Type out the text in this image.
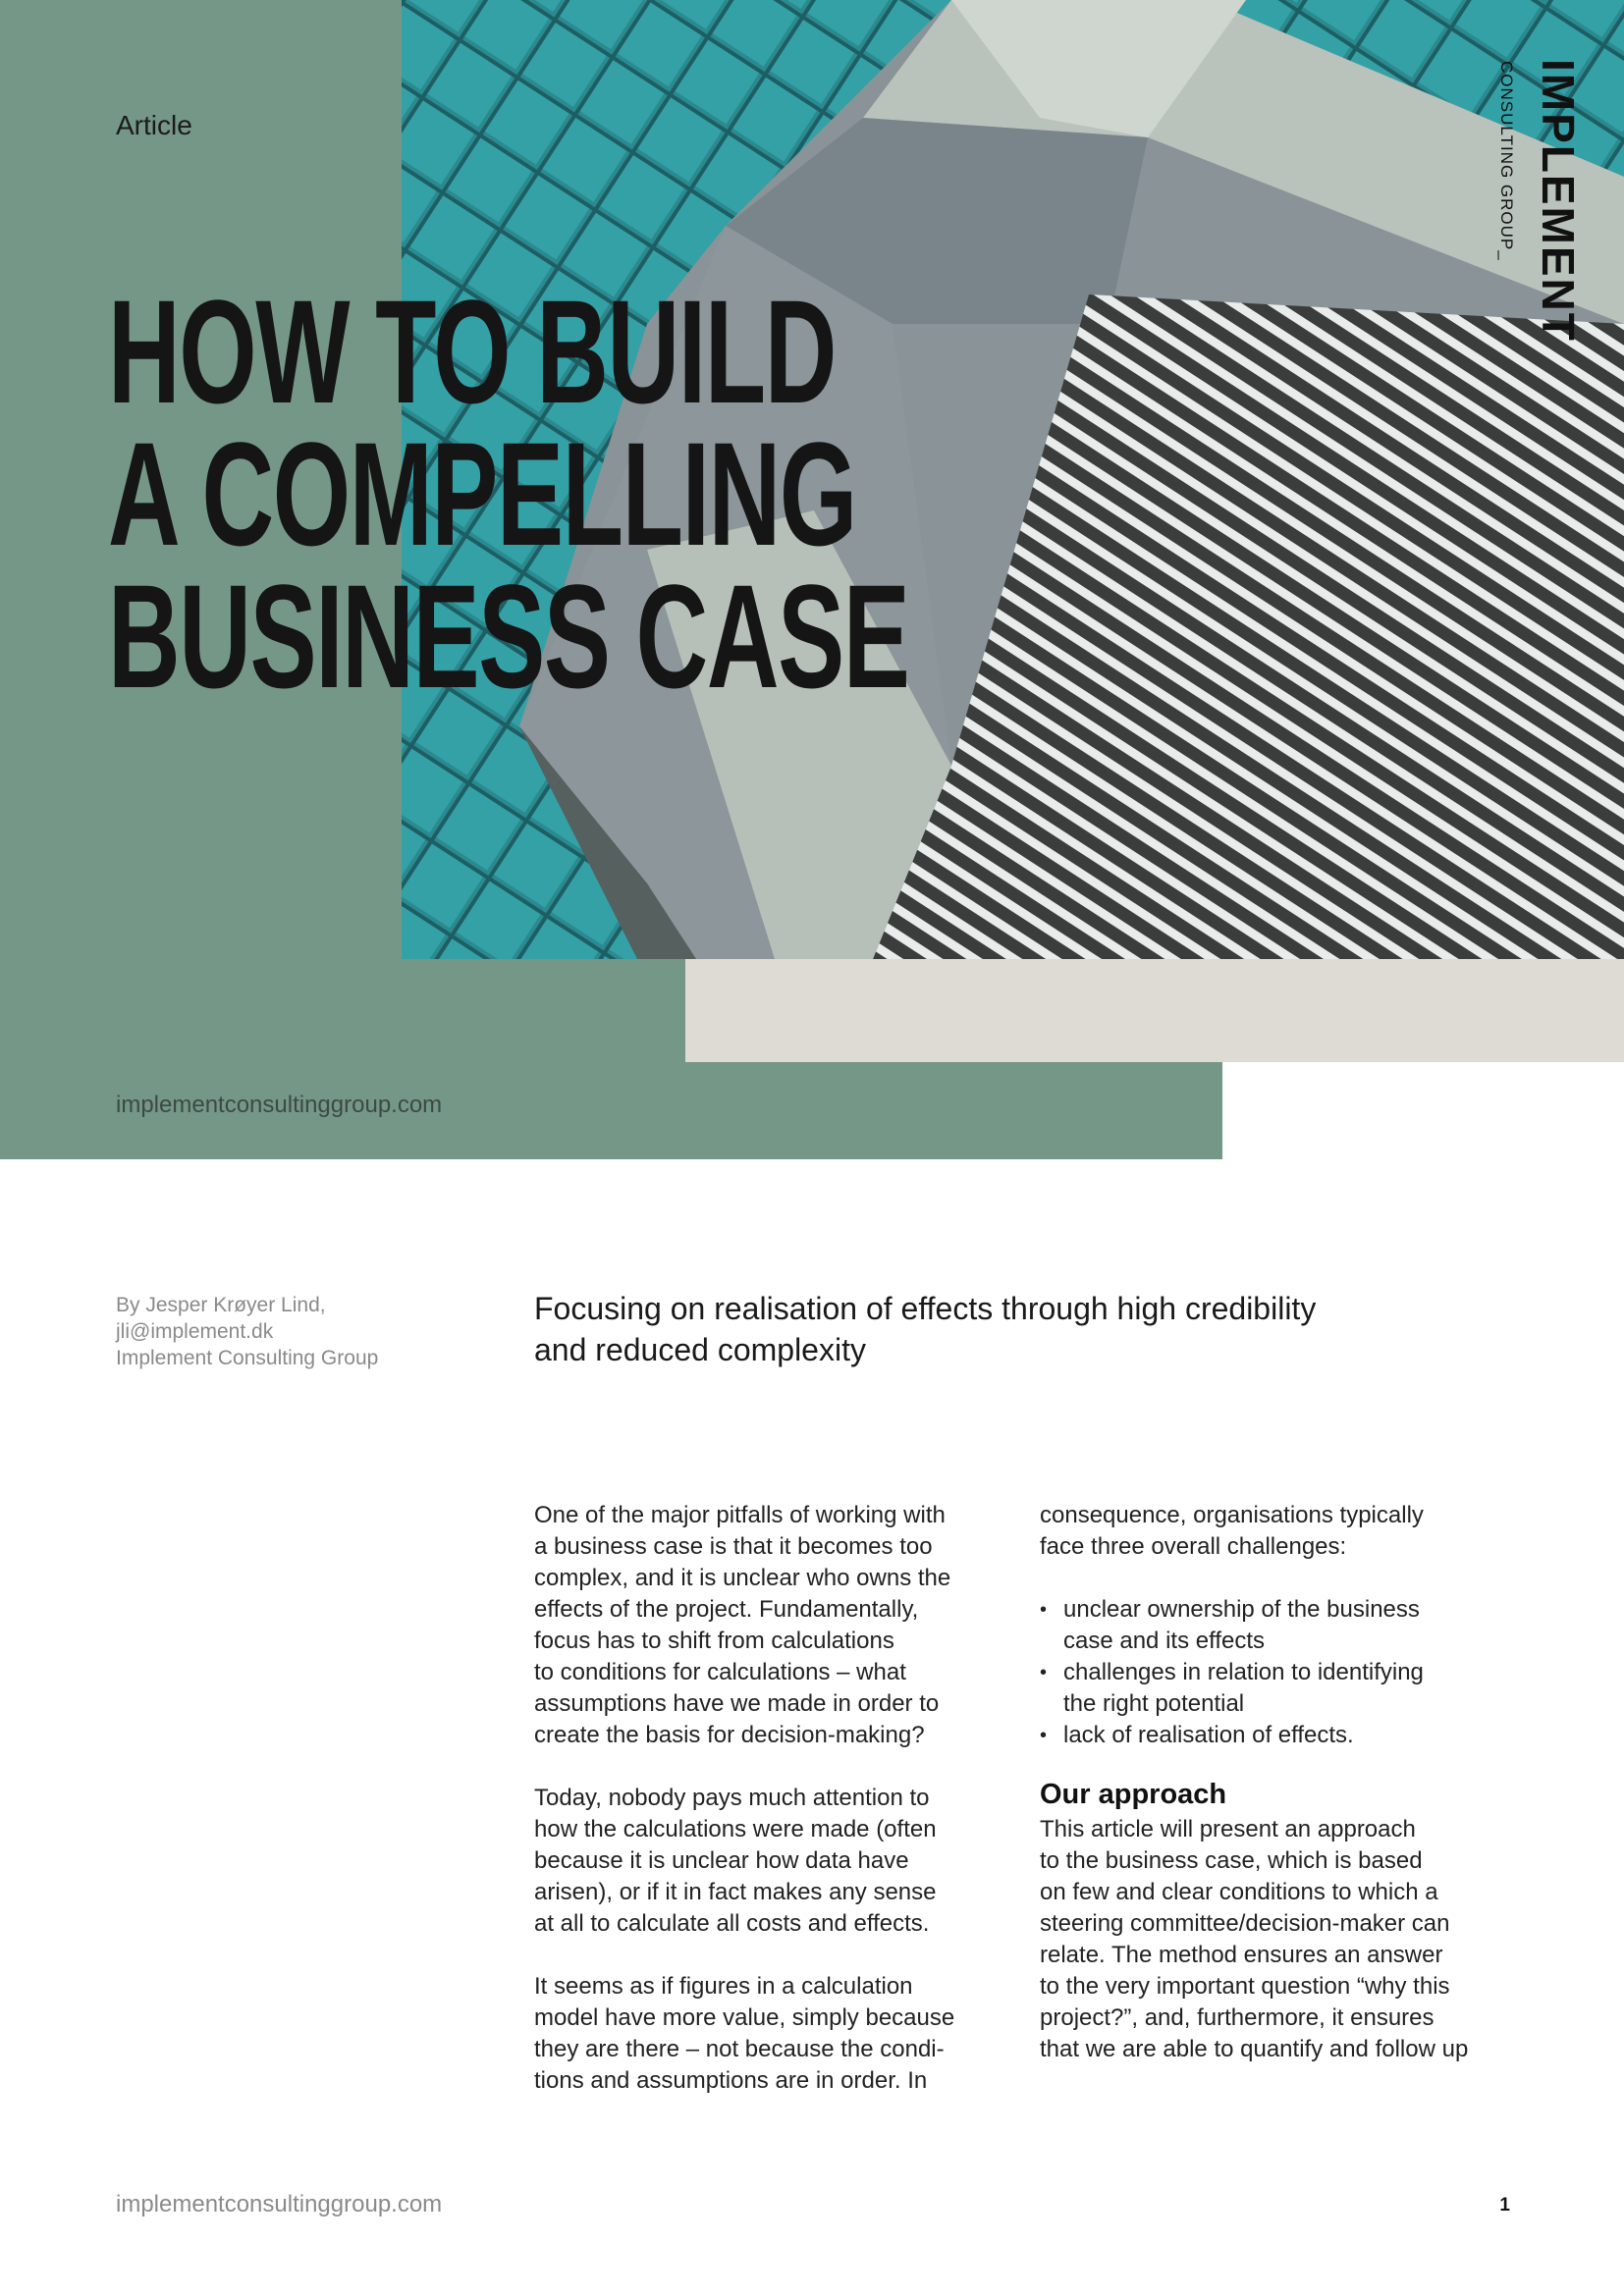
Article
HOW TO BUILD
A COMPELLING
BUSINESS CASE
IMPLEMENT
CONSULTING GROUP_
implementconsultinggroup.com
By Jesper Krøyer Lind,
jli@implement.dk
Implement Consulting Group
Focusing on realisation of effects through high credibility
and reduced complexity
One of the major pitfalls of working with
a business case is that it becomes too
complex, and it is unclear who owns the
effects of the project. Fundamentally,
focus has to shift from calculations
to conditions for calculations – what
assumptions have we made in order to
create the basis for decision-making?
Today, nobody pays much attention to
how the calculations were made (often
because it is unclear how data have
arisen), or if it in fact makes any sense
at all to calculate all costs and effects.
It seems as if figures in a calculation
model have more value, simply because
they are there – not because the condi-
tions and assumptions are in order. In
consequence, organisations typically
face three overall challenges:
• unclear ownership of the business
case and its effects
• challenges in relation to identifying
the right potential
• lack of realisation of effects.
Our approach
This article will present an approach
to the business case, which is based
on few and clear conditions to which a
steering committee/decision-maker can
relate. The method ensures an answer
to the very important question “why this
project?”, and, furthermore, it ensures
that we are able to quantify and follow up
implementconsultinggroup.com	1
